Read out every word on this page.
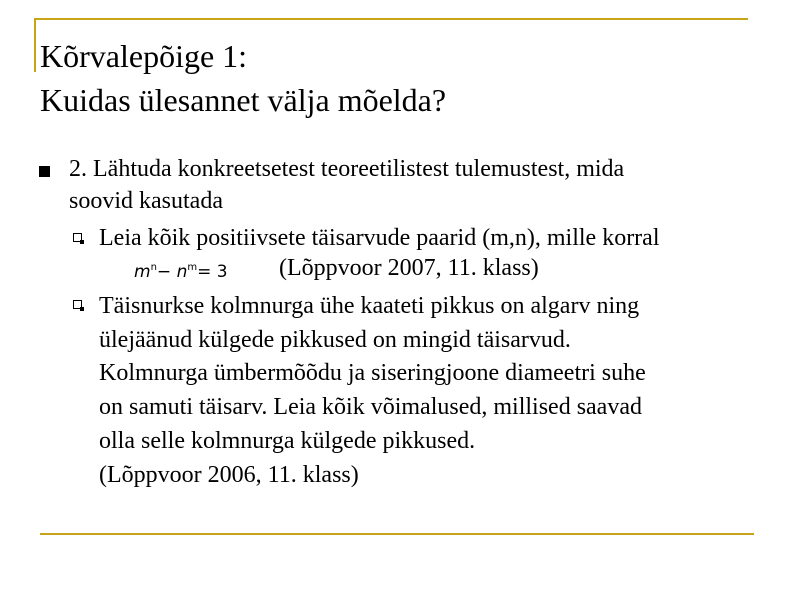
Kõrvalepõige 1:
Kuidas ülesannet välja mõelda?
2. Lähtuda konkreetsetest teoreetilistest tulemustest, mida
soovid kasutada
Leia kõik positiivsete täisarvude paarid (m,n), mille korral
$m^n- n^m= 3$ (Lõppvoor 2007, 11. klass)
Täisnurkse kolmnurga ühe kaateti pikkus on algarv ning
ülejäänud külgede pikkused on mingid täisarvud.
Kolmnurga ümbermõõdu ja siseringjoone diameetri suhe
on samuti täisarv. Leia kõik võimalused, millised saavad
olla selle kolmnurga külgede pikkused.
(Lõppvoor 2006, 11. klass)
